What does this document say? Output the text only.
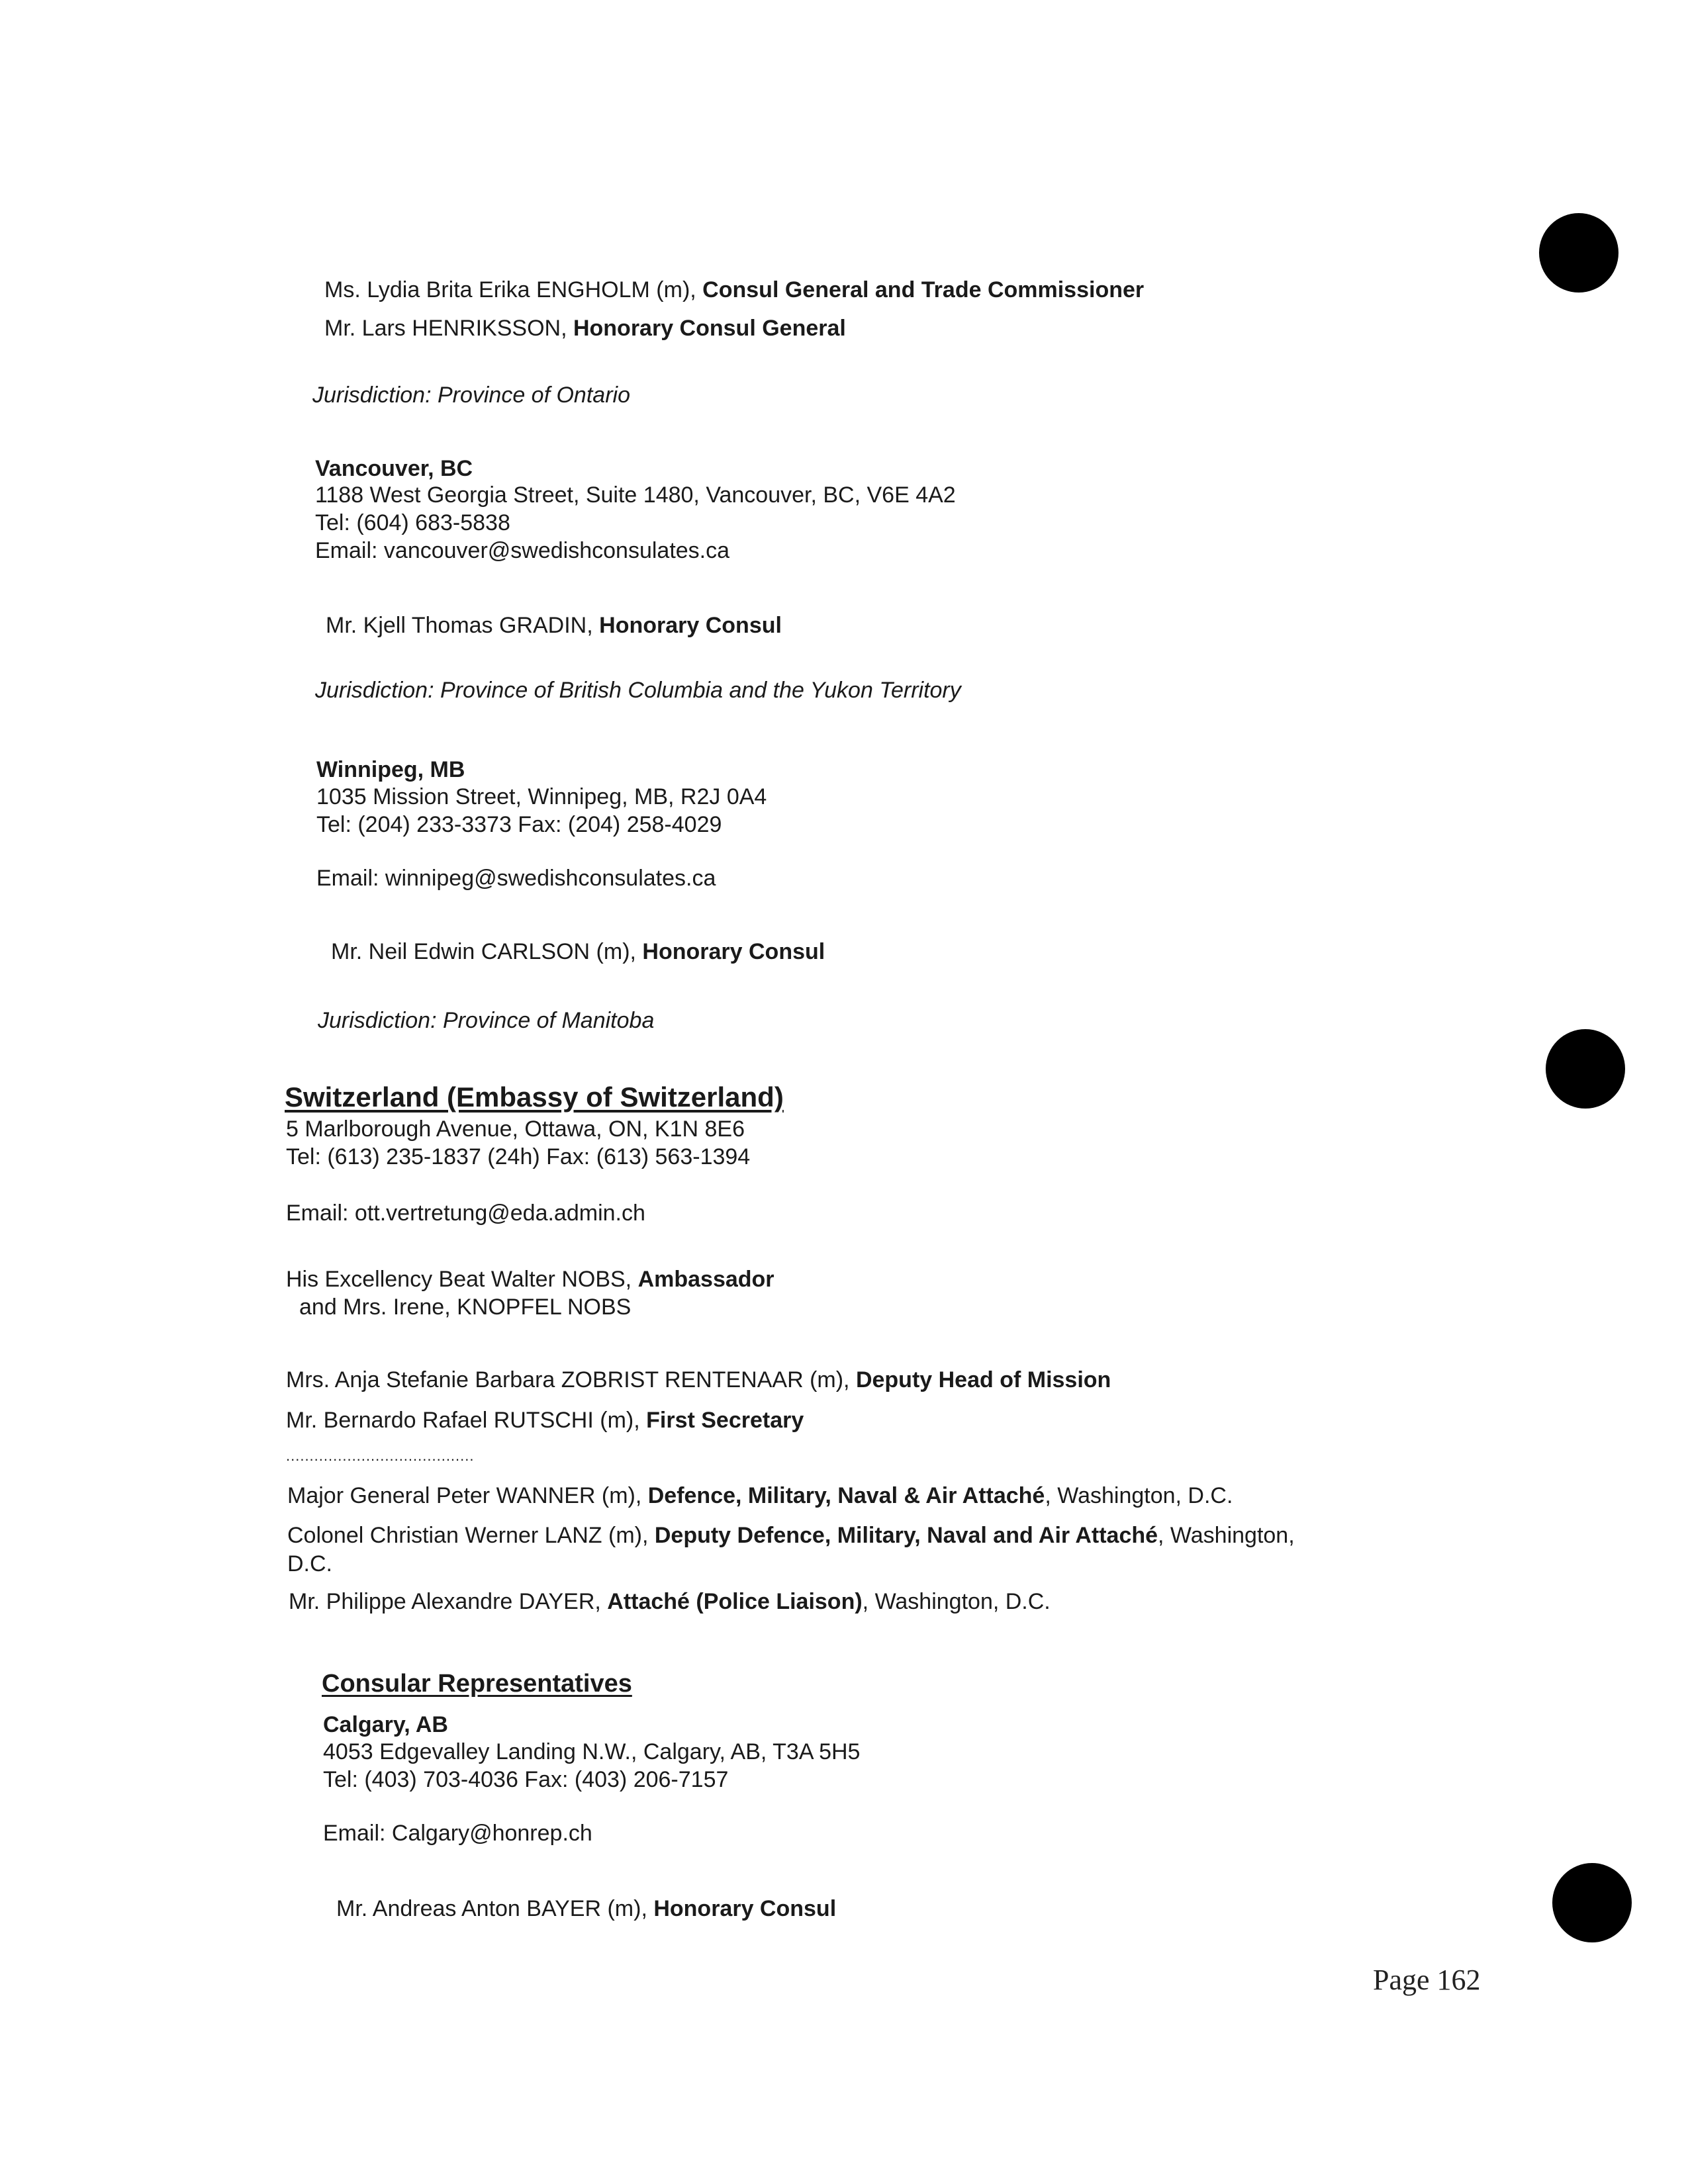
Ms. Lydia Brita Erika ENGHOLM (m), Consul General and Trade Commissioner
Mr. Lars HENRIKSSON, Honorary Consul General
Jurisdiction: Province of Ontario
Vancouver, BC
1188 West Georgia Street, Suite 1480, Vancouver, BC, V6E 4A2
Tel: (604) 683-5838
Email: vancouver@swedishconsulates.ca
Mr. Kjell Thomas GRADIN, Honorary Consul
Jurisdiction: Province of British Columbia and the Yukon Territory
Winnipeg, MB
1035 Mission Street, Winnipeg, MB, R2J 0A4
Tel: (204) 233-3373 Fax: (204) 258-4029
Email: winnipeg@swedishconsulates.ca
Mr. Neil Edwin CARLSON (m), Honorary Consul
Jurisdiction: Province of Manitoba
Switzerland (Embassy of Switzerland)
5 Marlborough Avenue, Ottawa, ON, K1N 8E6
Tel: (613) 235-1837 (24h) Fax: (613) 563-1394
Email: ott.vertretung@eda.admin.ch
His Excellency Beat Walter NOBS, Ambassador
and Mrs. Irene, KNOPFEL NOBS
Mrs. Anja Stefanie Barbara ZOBRIST RENTENAAR (m), Deputy Head of Mission
Mr. Bernardo Rafael RUTSCHI (m), First Secretary
........................................
Major General Peter WANNER (m), Defence, Military, Naval & Air Attaché, Washington, D.C.
Colonel Christian Werner LANZ (m), Deputy Defence, Military, Naval and Air Attaché, Washington,
D.C.
Mr. Philippe Alexandre DAYER, Attaché (Police Liaison), Washington, D.C.
Consular Representatives
Calgary, AB
4053 Edgevalley Landing N.W., Calgary, AB, T3A 5H5
Tel: (403) 703-4036 Fax: (403) 206-7157
Email: Calgary@honrep.ch
Mr. Andreas Anton BAYER (m), Honorary Consul
Page 162
